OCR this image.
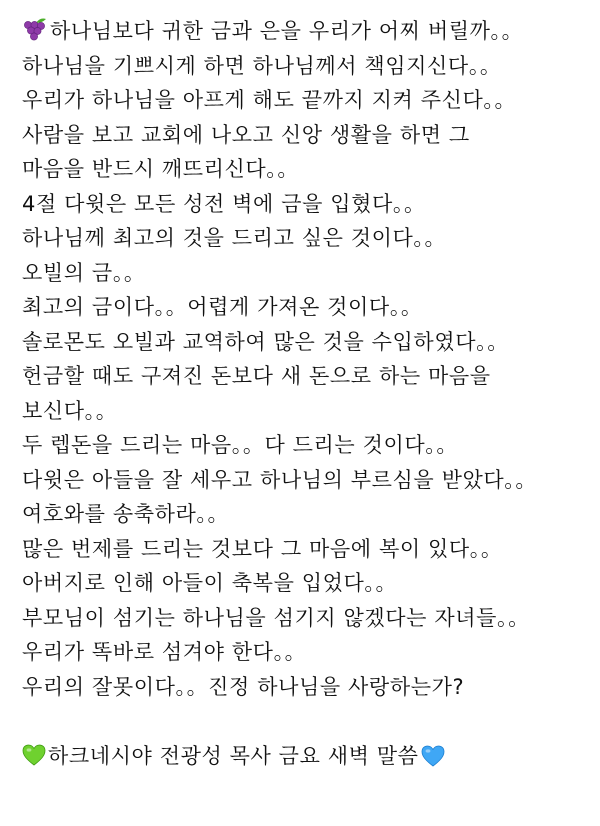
하나님보다 귀한 금과 은을 우리가 어찌 버릴까。。
하나님을 기쁘시게 하면 하나님께서 책임지신다。。
우리가 하나님을 아프게 해도 끝까지 지켜 주신다。。
사람을 보고 교회에 나오고 신앙 생활을 하면 그
마음을 반드시 깨뜨리신다。。
4절 다윗은 모든 성전 벽에 금을 입혔다。。
하나님께 최고의 것을 드리고 싶은 것이다。。
오빌의 금。。
최고의 금이다。。어렵게 가져온 것이다。。
솔로몬도 오빌과 교역하여 많은 것을 수입하였다。。
헌금할 때도 구져진 돈보다 새 돈으로 하는 마음을
보신다。。
두 렙돈을 드리는 마음。。다 드리는 것이다。。
다윗은 아들을 잘 세우고 하나님의 부르심을 받았다。。
여호와를 송축하라。。
많은 번제를 드리는 것보다 그 마음에 복이 있다。。
아버지로 인해 아들이 축복을 입었다。。
부모님이 섬기는 하나님을 섬기지 않겠다는 자녀들。。
우리가 똑바로 섬겨야 한다。。
우리의 잘못이다。。진정 하나님을 사랑하는가?
하크네시야 전광성 목사 금요 새벽 말씀
